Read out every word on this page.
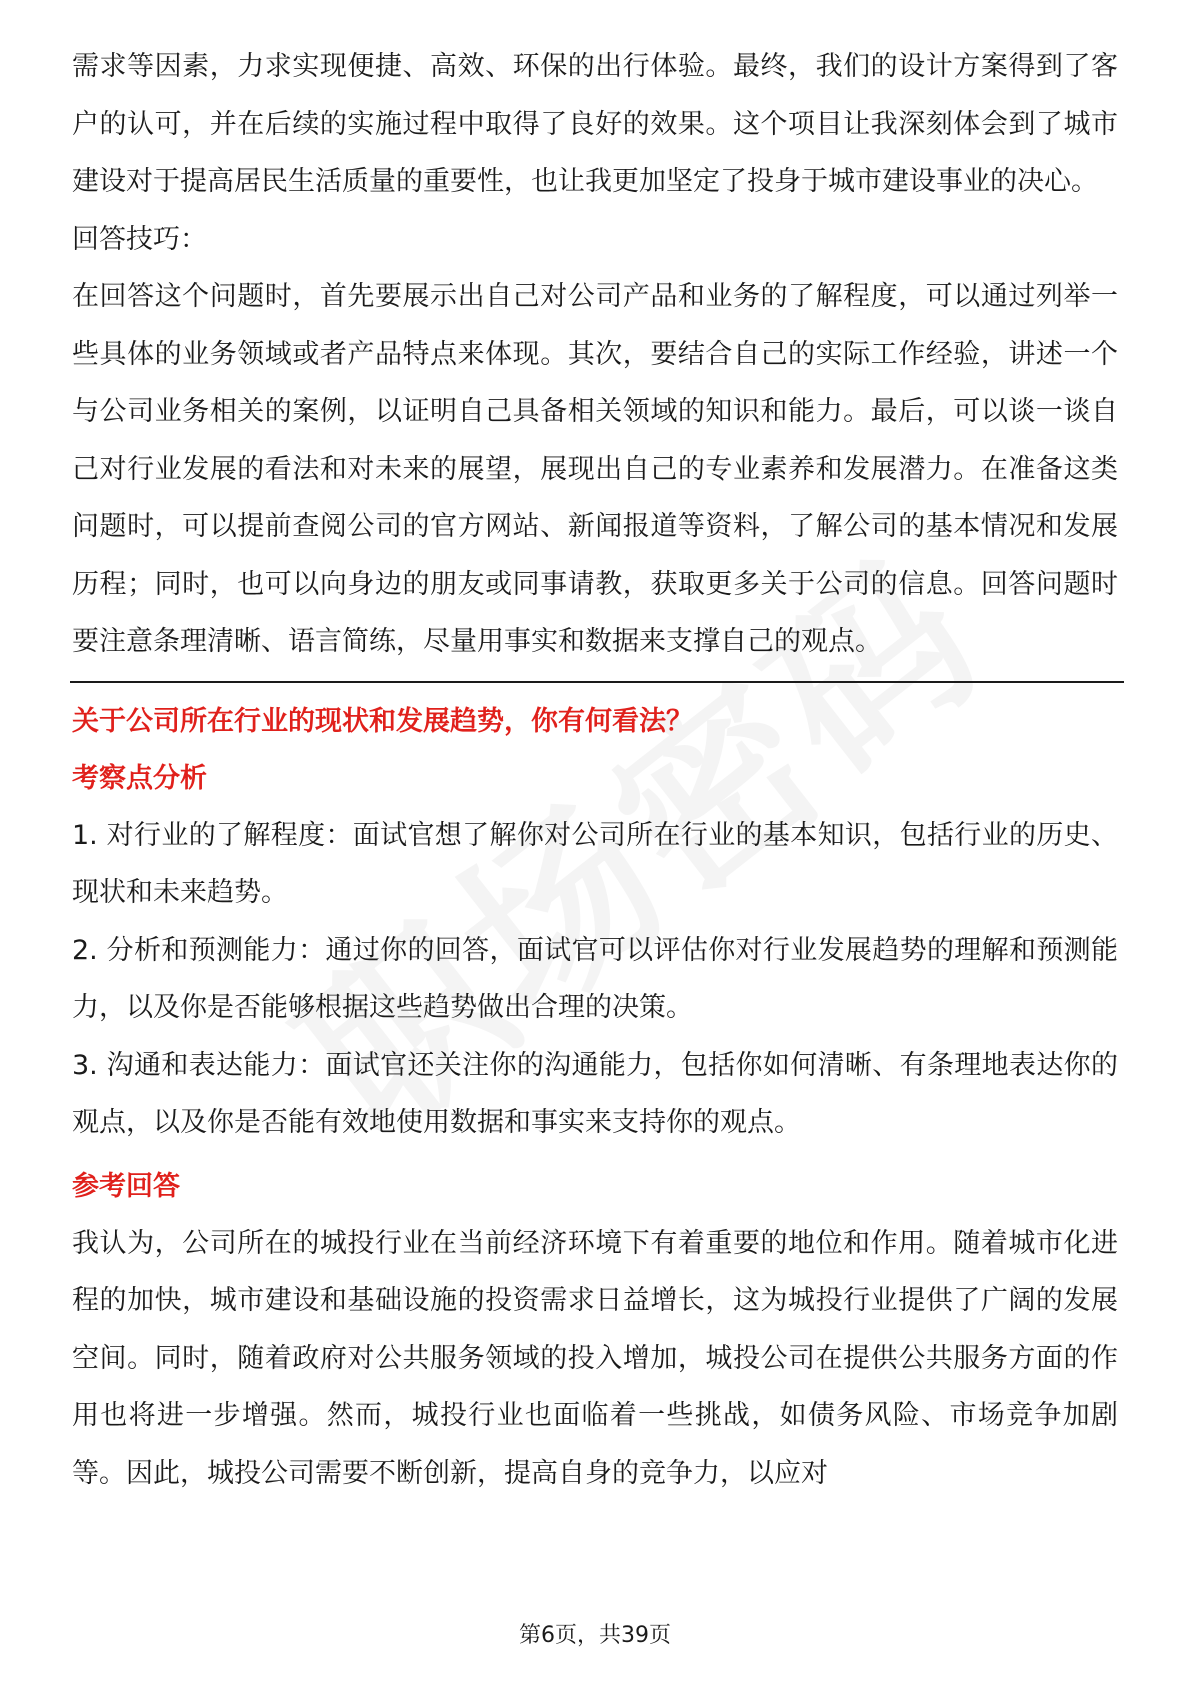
需求等因素，力求实现便捷、高效、环保的出行体验。最终，我们的设计方案得到了客户的认可，并在后续的实施过程中取得了良好的效果。这个项目让我深刻体会到了城市建设对于提高居民生活质量的重要性，也让我更加坚定了投身于城市建设事业的决心。

回答技巧：

在回答这个问题时，首先要展示出自己对公司产品和业务的了解程度，可以通过列举一些具体的业务领域或者产品特点来体现。其次，要结合自己的实际工作经验，讲述一个与公司业务相关的案例，以证明自己具备相关领域的知识和能力。最后，可以谈一谈自己对行业发展的看法和对未来的展望，展现出自己的专业素养和发展潜力。在准备这类问题时，可以提前查阅公司的官方网站、新闻报道等资料，了解公司的基本情况和发展历程；同时，也可以向身边的朋友或同事请教，获取更多关于公司的信息。回答问题时要注意条理清晰、语言简练，尽量用事实和数据来支撑自己的观点。

关于公司所在行业的现状和发展趋势，你有何看法？

考察点分析

1. 对行业的了解程度：面试官想了解你对公司所在行业的基本知识，包括行业的历史、现状和未来趋势。

2. 分析和预测能力：通过你的回答，面试官可以评估你对行业发展趋势的理解和预测能力，以及你是否能够根据这些趋势做出合理的决策。

3. 沟通和表达能力：面试官还关注你的沟通能力，包括你如何清晰、有条理地表达你的观点，以及你是否能有效地使用数据和事实来支持你的观点。

参考回答

我认为，公司所在的城投行业在当前经济环境下有着重要的地位和作用。随着城市化进程的加快，城市建设和基础设施的投资需求日益增长，这为城投行业提供了广阔的发展空间。同时，随着政府对公共服务领域的投入增加，城投公司在提供公共服务方面的作用也将进一步增强。然而，城投行业也面临着一些挑战，如债务风险、市场竞争加剧等。因此，城投公司需要不断创新，提高自身的竞争力，以应对

第6页，共39页
